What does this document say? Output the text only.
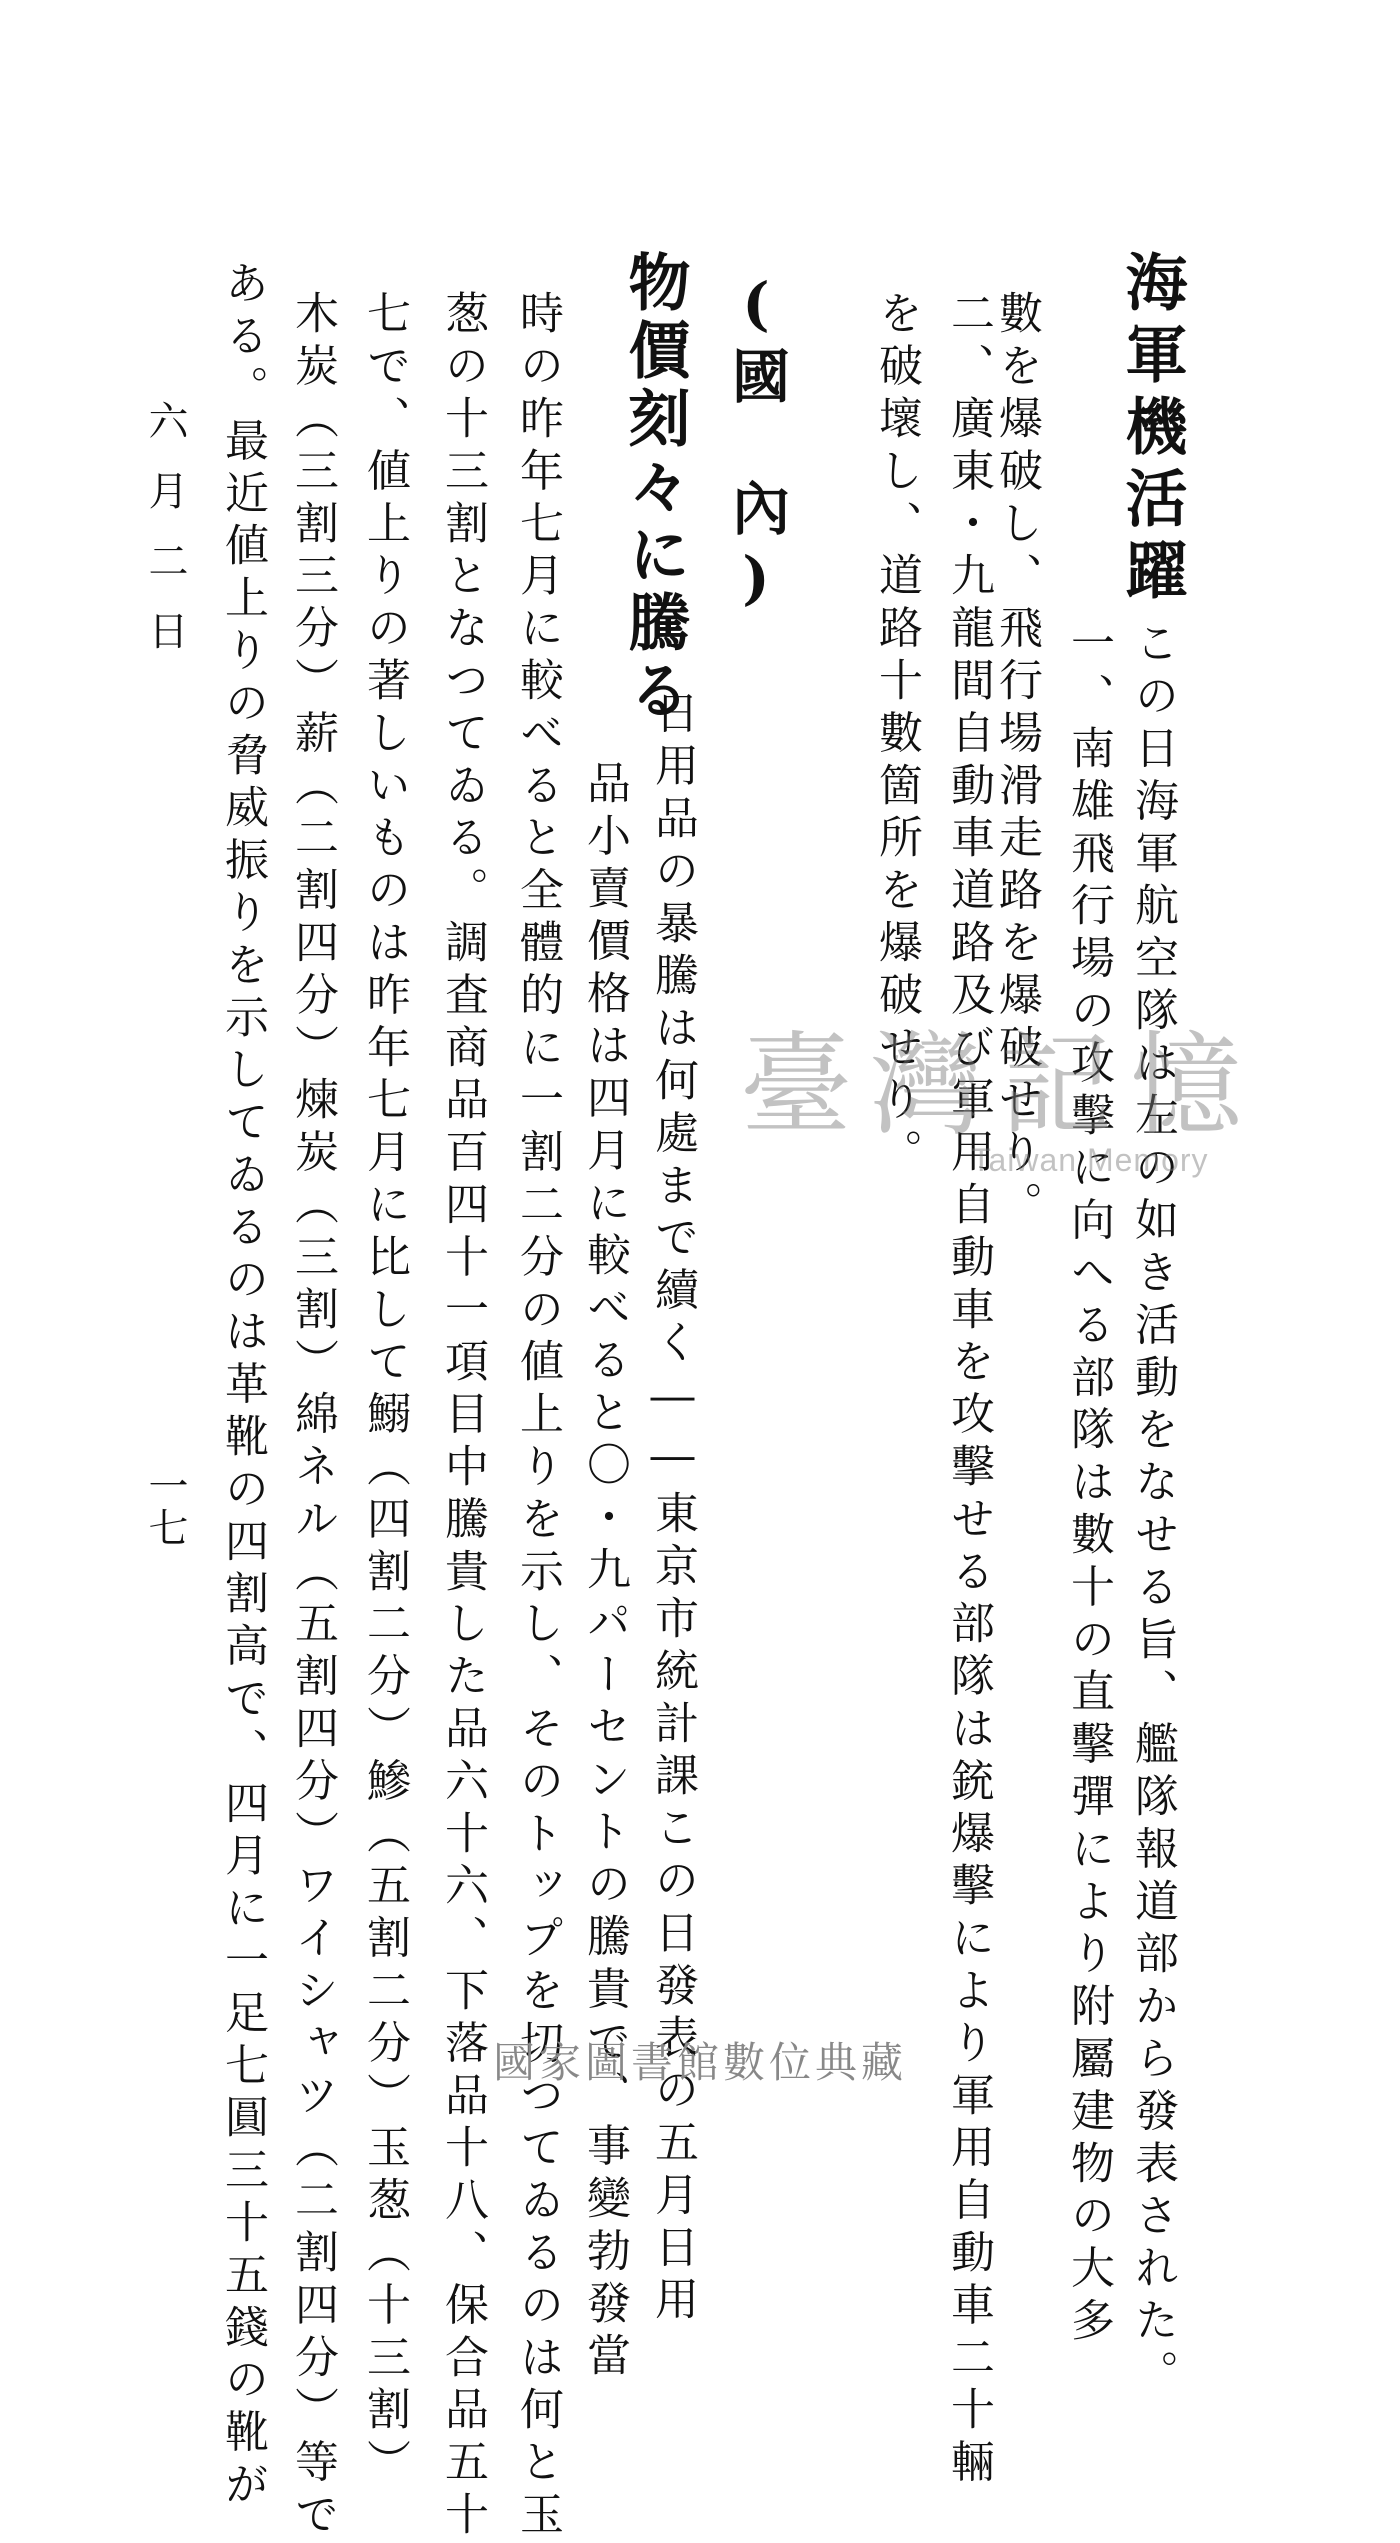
海軍機活躍
この日海軍航空隊は左の如き活動をなせる旨、艦隊報道部から發表された。
一、南雄飛行場の攻擊に向へる部隊は數十の直擊彈により附屬建物の大多
數を爆破し、飛行場滑走路を爆破せり。
二、廣東・九龍間自動車道路及び軍用自動車を攻擊せる部隊は銃爆擊により軍用自動車二十輛
を破壞し、道路十數箇所を爆破せり。
(國　內)
物價刻々に騰る
日用品の暴騰は何處まで續く――東京市統計課この日發表の五月日用
品小賣價格は四月に較べると〇・九パーセントの騰貴で、事變勃發當
時の昨年七月に較べると全體的に一割二分の値上りを示し、そのトップを切つてゐるのは何と玉
葱の十三割となつてゐる。調査商品百四十一項目中騰貴した品六十六、下落品十八、保合品五十
七で、値上りの著しいものは昨年七月に比して鰯（四割二分）鰺（五割二分）玉葱（十三割）
木炭（三割三分）薪（二割四分）煉炭（三割）綿ネル（五割四分）ワイシャツ（二割四分）等で
ある。最近値上りの脅威振りを示してゐるのは革靴の四割高で、四月に一足七圓三十五錢の靴が
六月二日
一七
臺灣記憶
Taiwan Memory
國家圖書館數位典藏
